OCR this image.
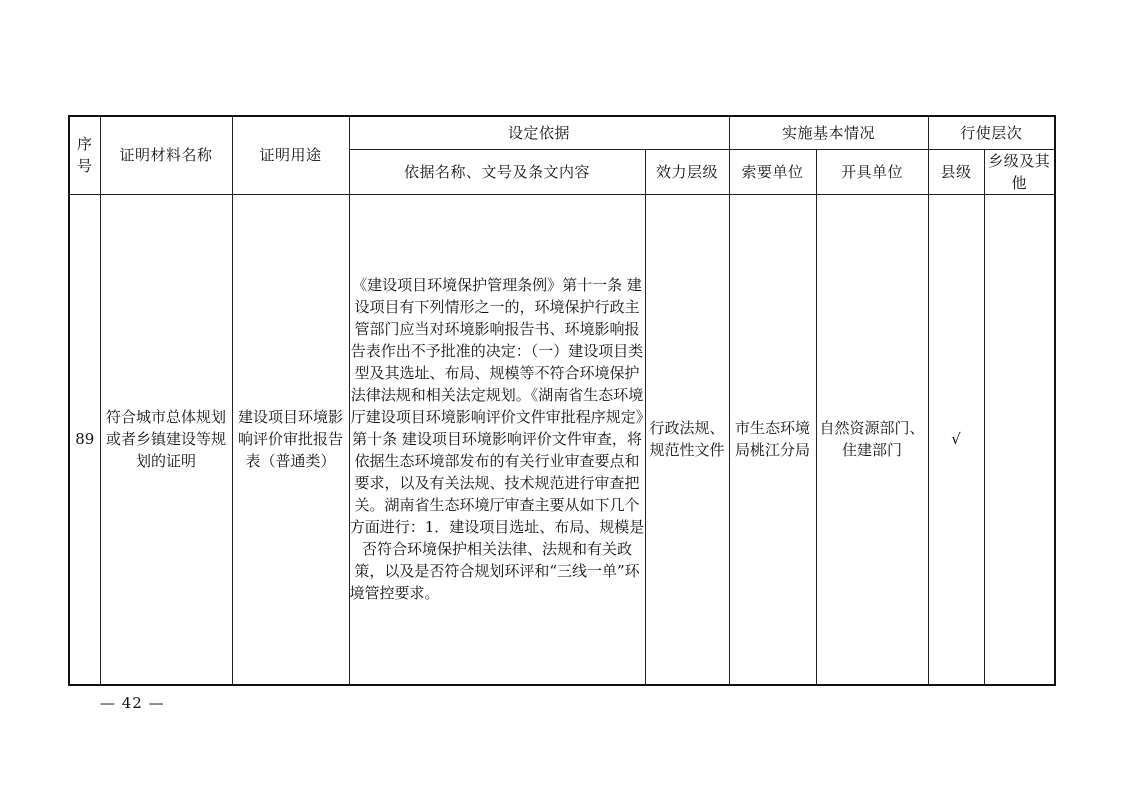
序号	证明材料名称	证明用途	设定依据		实施基本情况		行使层次	
			依据名称、文号及条文内容	效力层级	索要单位	开具单位	县级	乡级及其他
89	符合城市总体规划或者乡镇建设等规划的证明	建设项目环境影响评价审批报告表（普通类）	《建设项目环境保护管理条例》第十一条 建设项目有下列情形之一的，环境保护行政主管部门应当对环境影响报告书、环境影响报告表作出不予批准的决定：（一）建设项目类型及其选址、布局、规模等不符合环境保护法律法规和相关法定规划。《湖南省生态环境厅建设项目环境影响评价文件审批程序规定》第十条 建设项目环境影响评价文件审查，将依据生态环境部发布的有关行业审查要点和要求，以及有关法规、技术规范进行审查把关。湖南省生态环境厅审查主要从如下几个方面进行：1．建设项目选址、布局、规模是否符合环境保护相关法律、法规和有关政策，以及是否符合规划环评和“三线一单”环境管控要求。	行政法规、规范性文件	市生态环境局桃江分局	自然资源部门、住建部门	√	
— 42 —
